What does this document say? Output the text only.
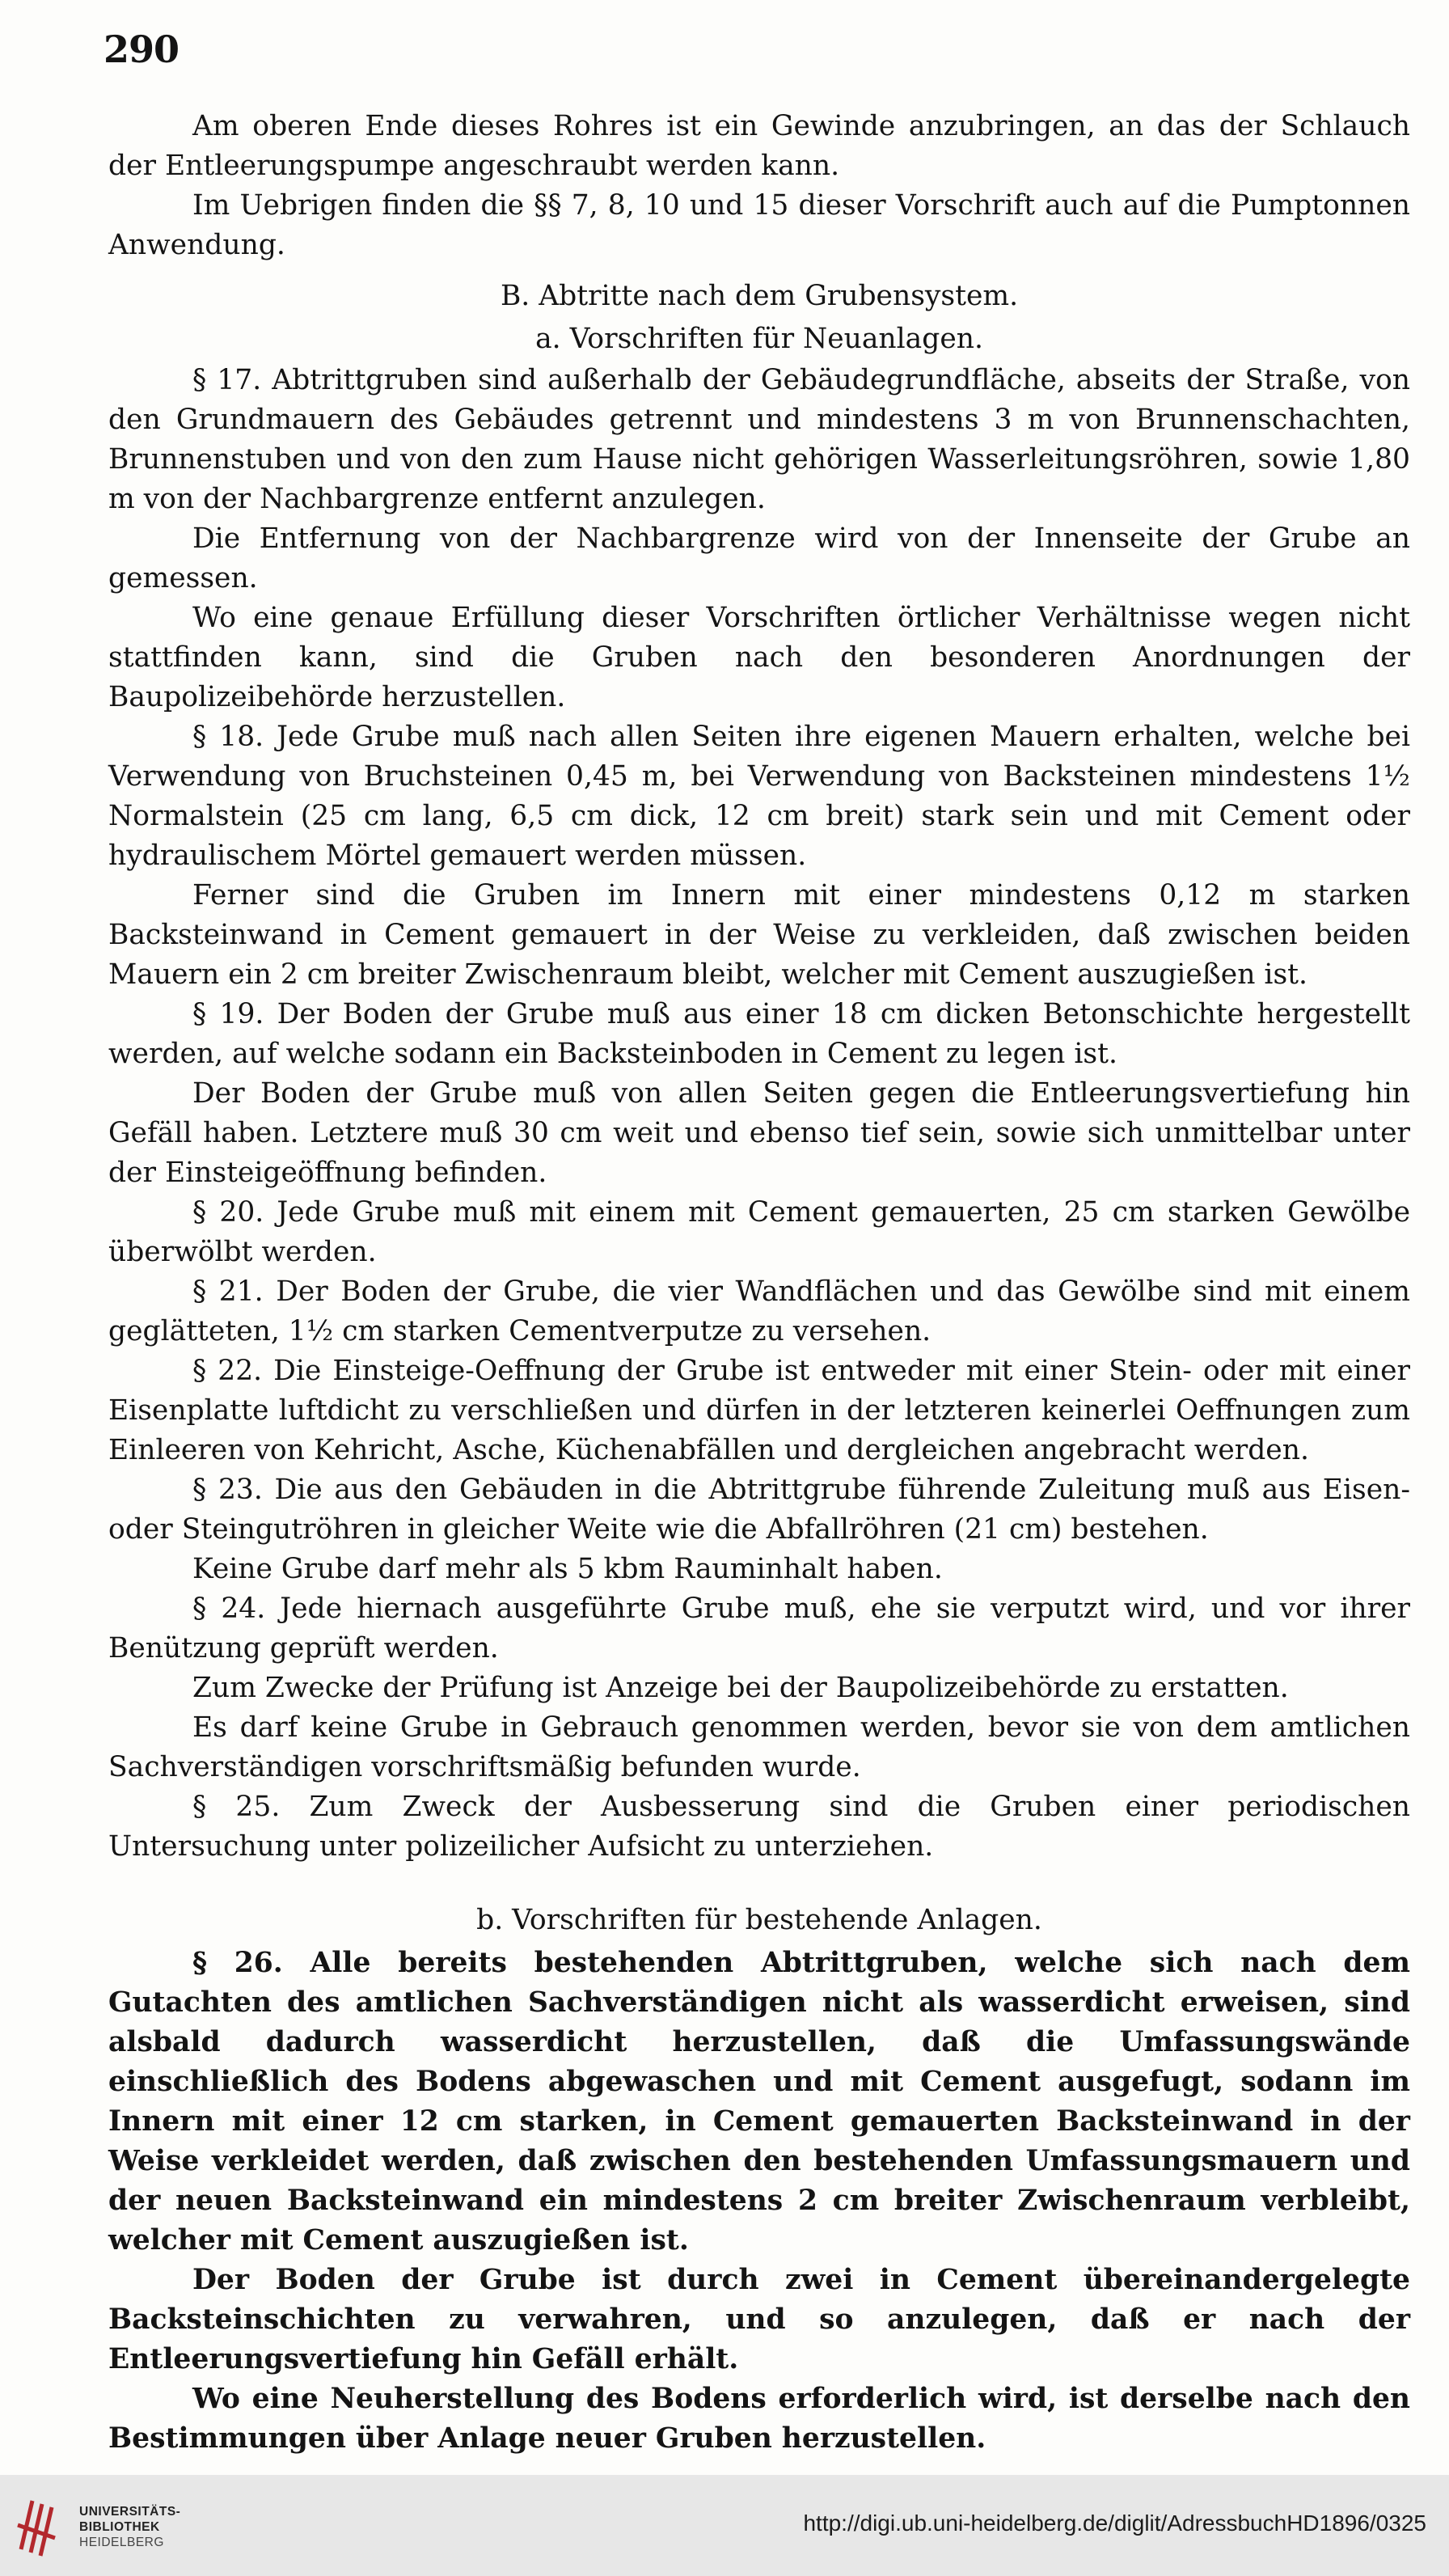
290

Am oberen Ende dieses Rohres ist ein Gewinde anzubringen, an das der Schlauch der Entleerungspumpe angeschraubt werden kann.

Im Uebrigen finden die §§ 7, 8, 10 und 15 dieser Vorschrift auch auf die Pumptonnen Anwendung.

B. Abtritte nach dem Grubensystem.

a. Vorschriften für Neuanlagen.

§ 17. Abtrittgruben sind außerhalb der Gebäudegrundfläche, abseits der Straße, von den Grundmauern des Gebäudes getrennt und mindestens 3 m von Brunnenschachten, Brunnenstuben und von den zum Hause nicht gehörigen Wasserleitungsröhren, sowie 1,80 m von der Nachbargrenze entfernt anzulegen.

Die Entfernung von der Nachbargrenze wird von der Innenseite der Grube an gemessen.

Wo eine genaue Erfüllung dieser Vorschriften örtlicher Verhältnisse wegen nicht stattfinden kann, sind die Gruben nach den besonderen Anordnungen der Baupolizeibehörde herzustellen.

§ 18. Jede Grube muß nach allen Seiten ihre eigenen Mauern erhalten, welche bei Verwendung von Bruchsteinen 0,45 m, bei Verwendung von Backsteinen mindestens 1½ Normalstein (25 cm lang, 6,5 cm dick, 12 cm breit) stark sein und mit Cement oder hydraulischem Mörtel gemauert werden müssen.

Ferner sind die Gruben im Innern mit einer mindestens 0,12 m starken Backsteinwand in Cement gemauert in der Weise zu verkleiden, daß zwischen beiden Mauern ein 2 cm breiter Zwischenraum bleibt, welcher mit Cement auszugießen ist.

§ 19. Der Boden der Grube muß aus einer 18 cm dicken Betonschichte hergestellt werden, auf welche sodann ein Backsteinboden in Cement zu legen ist.

Der Boden der Grube muß von allen Seiten gegen die Entleerungsvertiefung hin Gefäll haben. Letztere muß 30 cm weit und ebenso tief sein, sowie sich unmittelbar unter der Einsteigeöffnung befinden.

§ 20. Jede Grube muß mit einem mit Cement gemauerten, 25 cm starken Gewölbe überwölbt werden.

§ 21. Der Boden der Grube, die vier Wandflächen und das Gewölbe sind mit einem geglätteten, 1½ cm starken Cementverputze zu versehen.

§ 22. Die Einsteige-Oeffnung der Grube ist entweder mit einer Stein- oder mit einer Eisenplatte luftdicht zu verschließen und dürfen in der letzteren keinerlei Oeffnungen zum Einleeren von Kehricht, Asche, Küchenabfällen und dergleichen angebracht werden.

§ 23. Die aus den Gebäuden in die Abtrittgrube führende Zuleitung muß aus Eisen- oder Steingutröhren in gleicher Weite wie die Abfallröhren (21 cm) bestehen.

Keine Grube darf mehr als 5 kbm Rauminhalt haben.

§ 24. Jede hiernach ausgeführte Grube muß, ehe sie verputzt wird, und vor ihrer Benützung geprüft werden.

Zum Zwecke der Prüfung ist Anzeige bei der Baupolizeibehörde zu erstatten.

Es darf keine Grube in Gebrauch genommen werden, bevor sie von dem amtlichen Sachverständigen vorschriftsmäßig befunden wurde.

§ 25. Zum Zweck der Ausbesserung sind die Gruben einer periodischen Untersuchung unter polizeilicher Aufsicht zu unterziehen.

b. Vorschriften für bestehende Anlagen.

§ 26. Alle bereits bestehenden Abtrittgruben, welche sich nach dem Gutachten des amtlichen Sachverständigen nicht als wasserdicht erweisen, sind alsbald dadurch wasserdicht herzustellen, daß die Umfassungswände einschließlich des Bodens abgewaschen und mit Cement ausgefugt, sodann im Innern mit einer 12 cm starken, in Cement gemauerten Backsteinwand in der Weise verkleidet werden, daß zwischen den bestehenden Umfassungsmauern und der neuen Backsteinwand ein mindestens 2 cm breiter Zwischenraum verbleibt, welcher mit Cement auszugießen ist.

Der Boden der Grube ist durch zwei in Cement übereinandergelegte Backsteinschichten zu verwahren, und so anzulegen, daß er nach der Entleerungsvertiefung hin Gefäll erhält.

Wo eine Neuherstellung des Bodens erforderlich wird, ist derselbe nach den Bestimmungen über Anlage neuer Gruben herzustellen.

UNIVERSITÄTS-
BIBLIOTHEK
HEIDELBERG
http://digi.ub.uni-heidelberg.de/diglit/AdressbuchHD1896/0325
